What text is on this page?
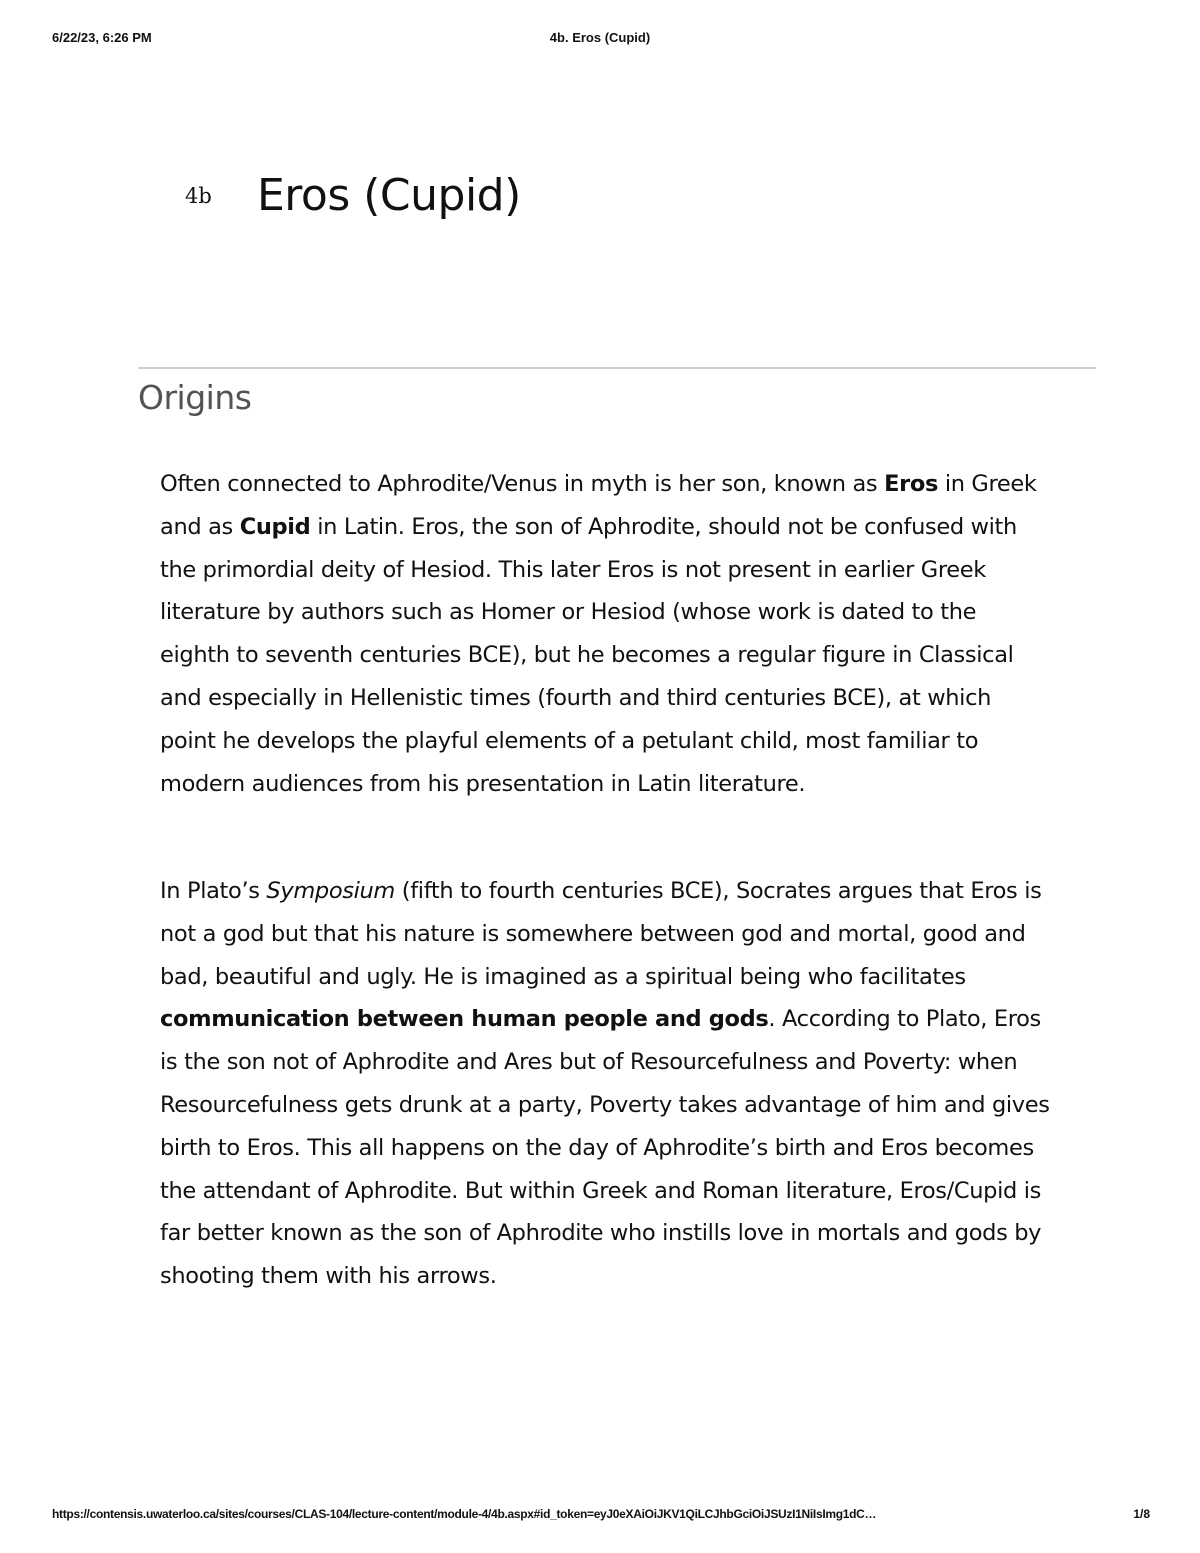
6/22/23, 6:26 PM	4b. Eros (Cupid)
4b Eros (Cupid)
Origins

Often connected to Aphrodite/Venus in myth is her son, known as Eros in Greek and as Cupid in Latin. Eros, the son of Aphrodite, should not be confused with the primordial deity of Hesiod. This later Eros is not present in earlier Greek literature by authors such as Homer or Hesiod (whose work is dated to the eighth to seventh centuries BCE), but he becomes a regular figure in Classical and especially in Hellenistic times (fourth and third centuries BCE), at which point he develops the playful elements of a petulant child, most familiar to modern audiences from his presentation in Latin literature.

In Plato’s Symposium (fifth to fourth centuries BCE), Socrates argues that Eros is not a god but that his nature is somewhere between god and mortal, good and bad, beautiful and ugly. He is imagined as a spiritual being who facilitates communication between human people and gods. According to Plato, Eros is the son not of Aphrodite and Ares but of Resourcefulness and Poverty: when Resourcefulness gets drunk at a party, Poverty takes advantage of him and gives birth to Eros. This all happens on the day of Aphrodite’s birth and Eros becomes the attendant of Aphrodite. But within Greek and Roman literature, Eros/Cupid is far better known as the son of Aphrodite who instills love in mortals and gods by shooting them with his arrows.

https://contensis.uwaterloo.ca/sites/courses/CLAS-104/lecture-content/module-4/4b.aspx#id_token=eyJ0eXAiOiJKV1QiLCJhbGciOiJSUzI1NiIsImg1dC…	1/8
